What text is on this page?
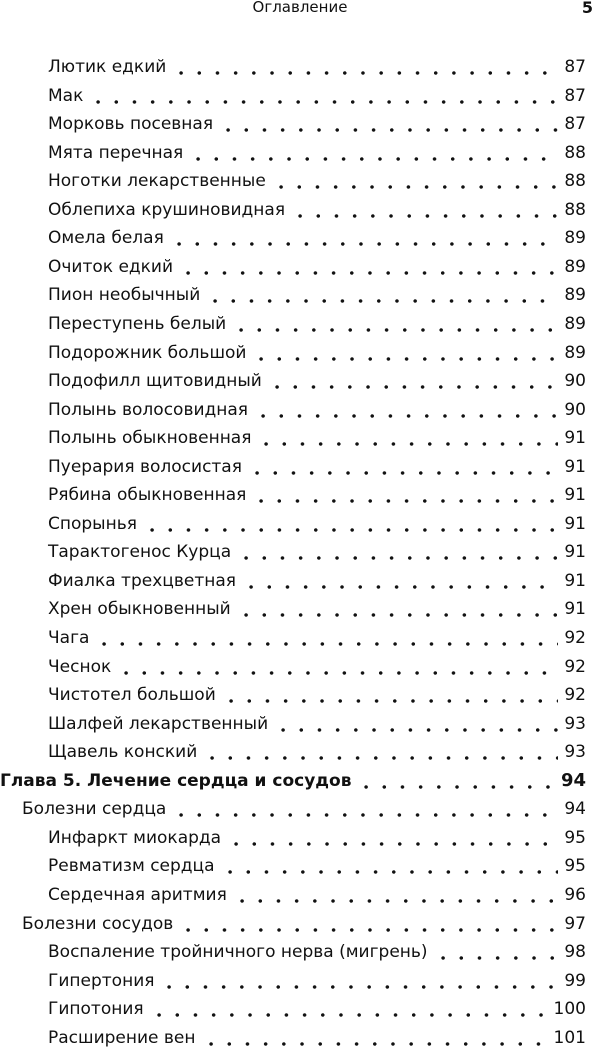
Оглавление	5
Лютик едкий	87
Мак	87
Морковь посевная	87
Мята перечная	88
Ноготки лекарственные	88
Облепиха крушиновидная	88
Омела белая	89
Очиток едкий	89
Пион необычный	89
Переступень белый	89
Подорожник большой	89
Подофилл щитовидный	90
Полынь волосовидная	90
Полынь обыкновенная	91
Пуерария волосистая	91
Рябина обыкновенная	91
Спорынья	91
Тарактогенос Курца	91
Фиалка трехцветная	91
Хрен обыкновенный	91
Чага	92
Чеснок	92
Чистотел большой	92
Шалфей лекарственный	93
Щавель конский	93
Глава 5. Лечение сердца и сосудов	94
Болезни сердца	94
Инфаркт миокарда	95
Ревматизм сердца	95
Сердечная аритмия	96
Болезни сосудов	97
Воспаление тройничного нерва (мигрень)	98
Гипертония	99
Гипотония	100
Расширение вен	101
